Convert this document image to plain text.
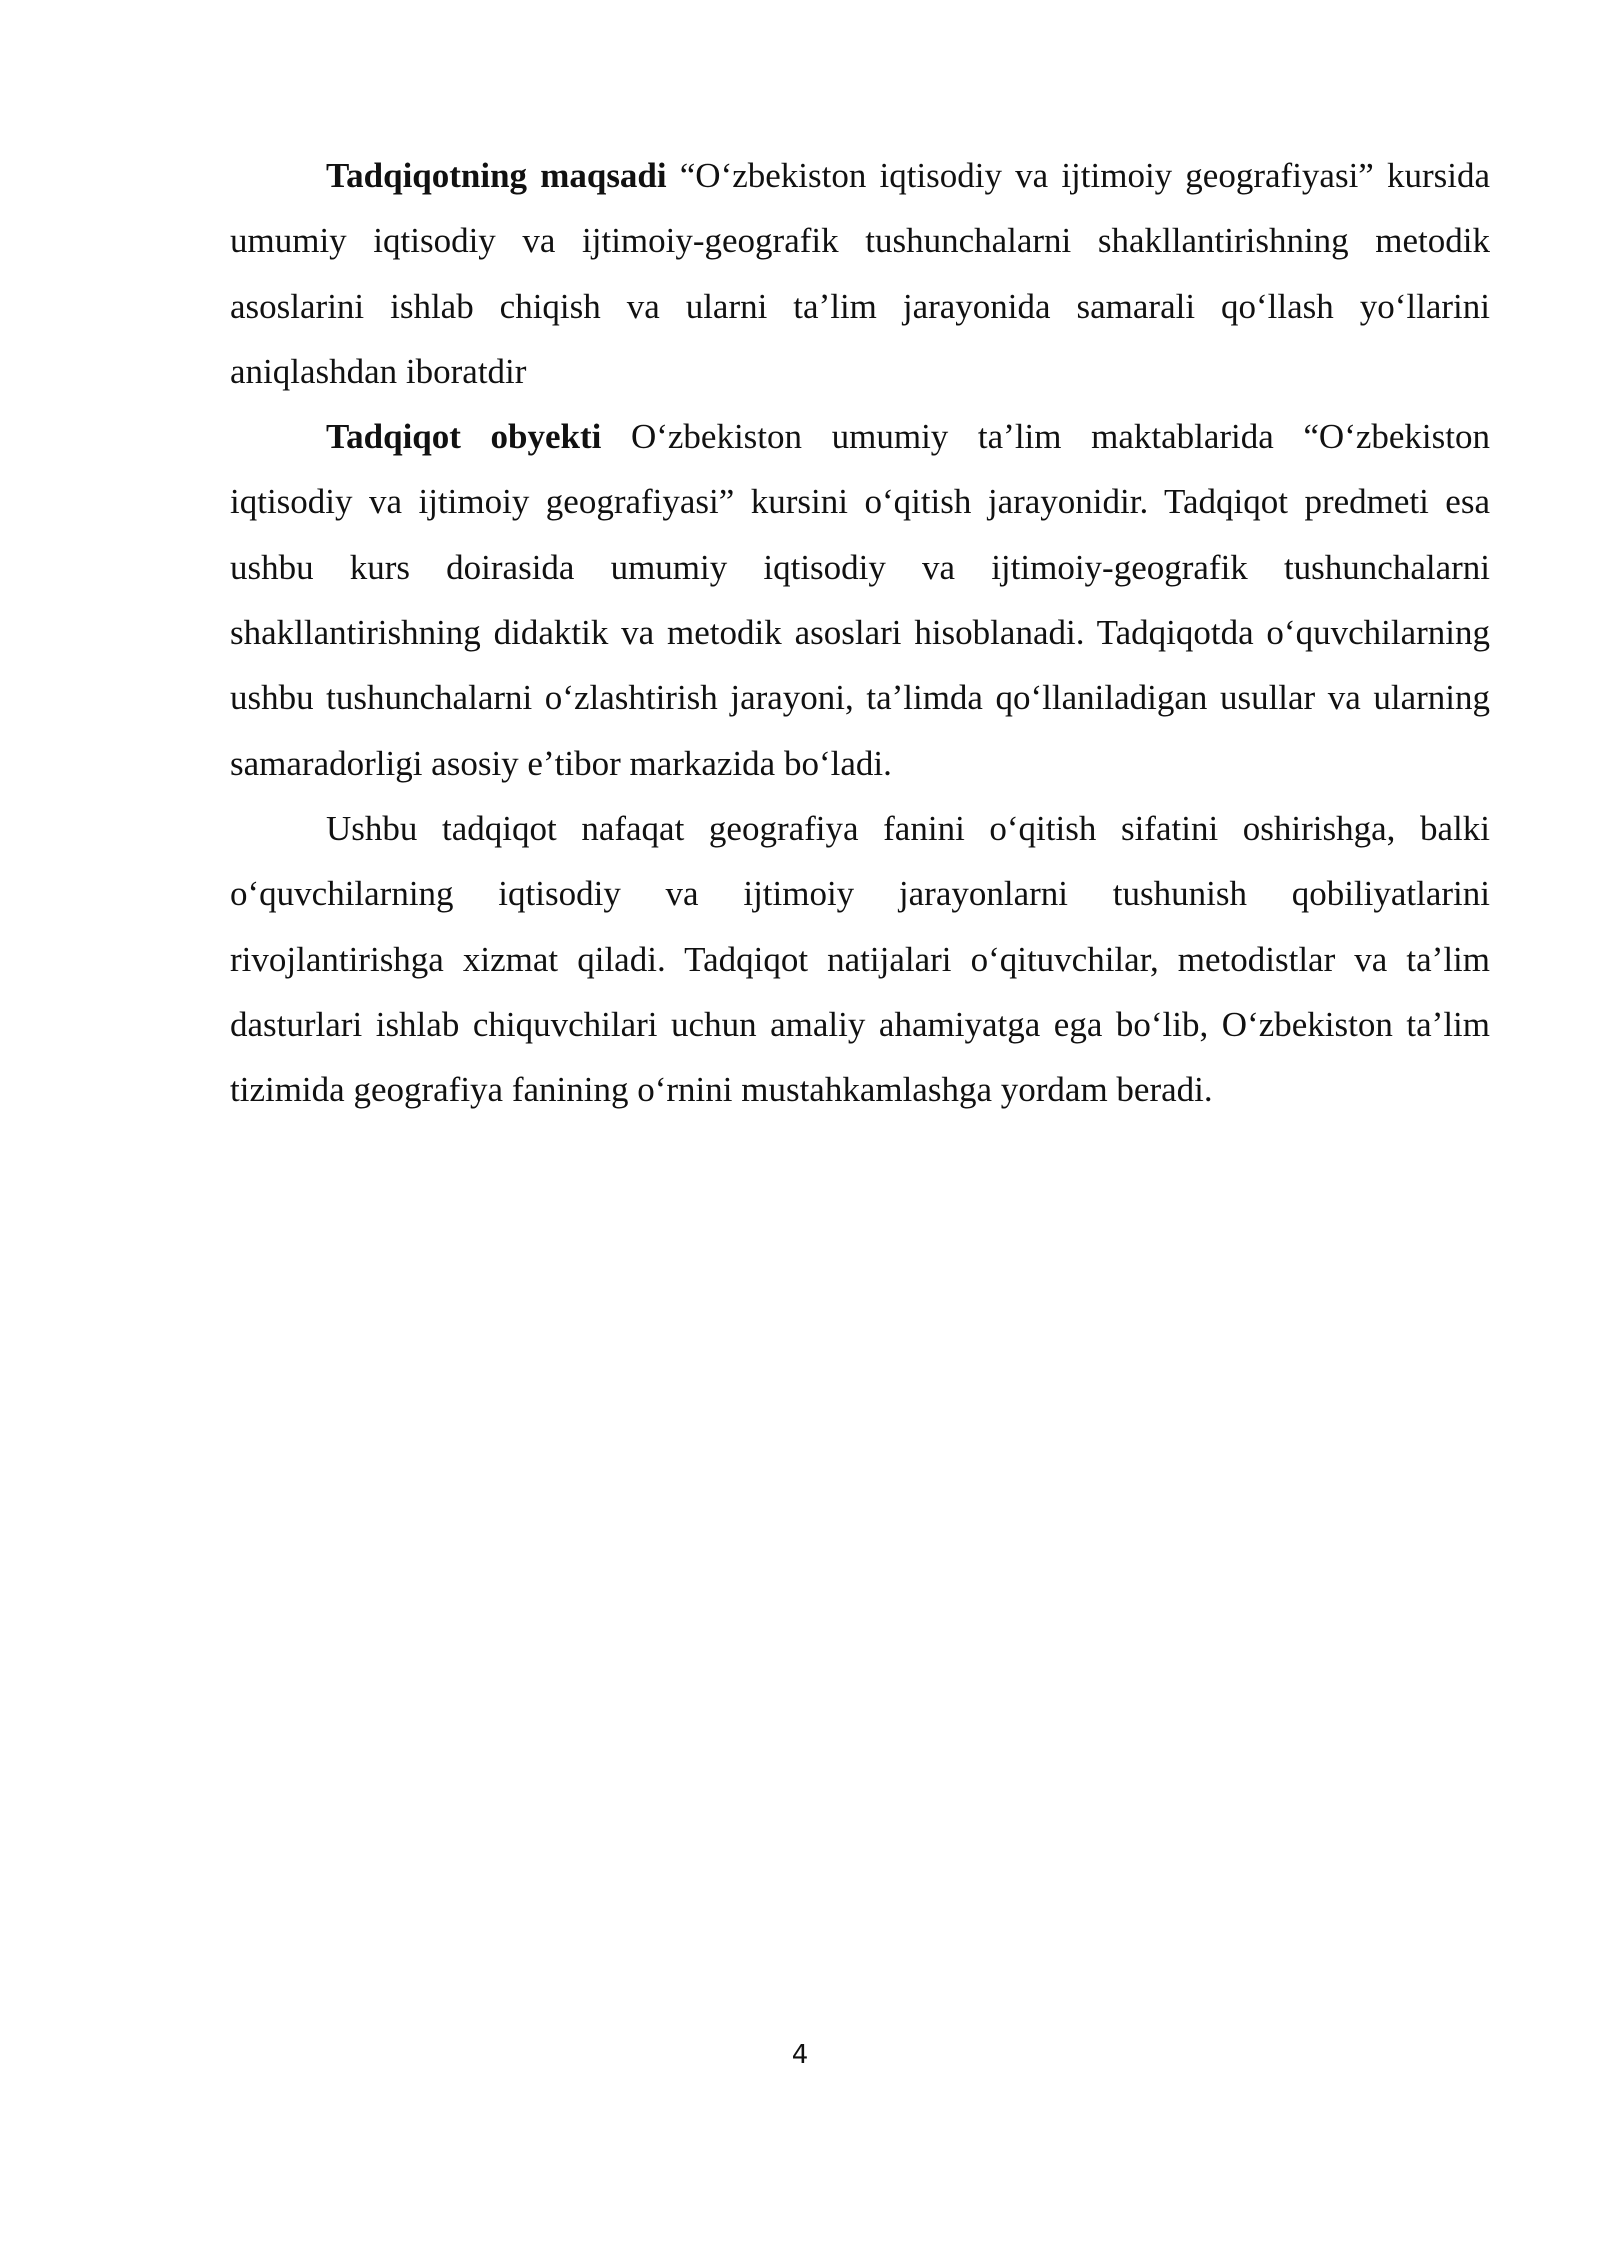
Tadqiqotning maqsadi “Oʻzbekiston iqtisodiy va ijtimoiy geografiyasi” kursida umumiy iqtisodiy va ijtimoiy-geografik tushunchalarni shakllantirishning metodik asoslarini ishlab chiqish va ularni taʼlim jarayonida samarali qoʻllash yoʻllarini aniqlashdan iboratdir

Tadqiqot obyekti Oʻzbekiston umumiy taʼlim maktablarida “Oʻzbekiston iqtisodiy va ijtimoiy geografiyasi” kursini oʻqitish jarayonidir. Tadqiqot predmeti esa ushbu kurs doirasida umumiy iqtisodiy va ijtimoiy-geografik tushunchalarni shakllantirishning didaktik va metodik asoslari hisoblanadi. Tadqiqotda oʻquvchilarning ushbu tushunchalarni oʻzlashtirish jarayoni, taʼlimda qoʻllaniladigan usullar va ularning samaradorligi asosiy eʼtibor markazida boʻladi.

Ushbu tadqiqot nafaqat geografiya fanini oʻqitish sifatini oshirishga, balki oʻquvchilarning iqtisodiy va ijtimoiy jarayonlarni tushunish qobiliyatlarini rivojlantirishga xizmat qiladi. Tadqiqot natijalari oʻqituvchilar, metodistlar va taʼlim dasturlari ishlab chiquvchilari uchun amaliy ahamiyatga ega boʻlib, Oʻzbekiston taʼlim tizimida geografiya fanining oʻrnini mustahkamlashga yordam beradi.

4
